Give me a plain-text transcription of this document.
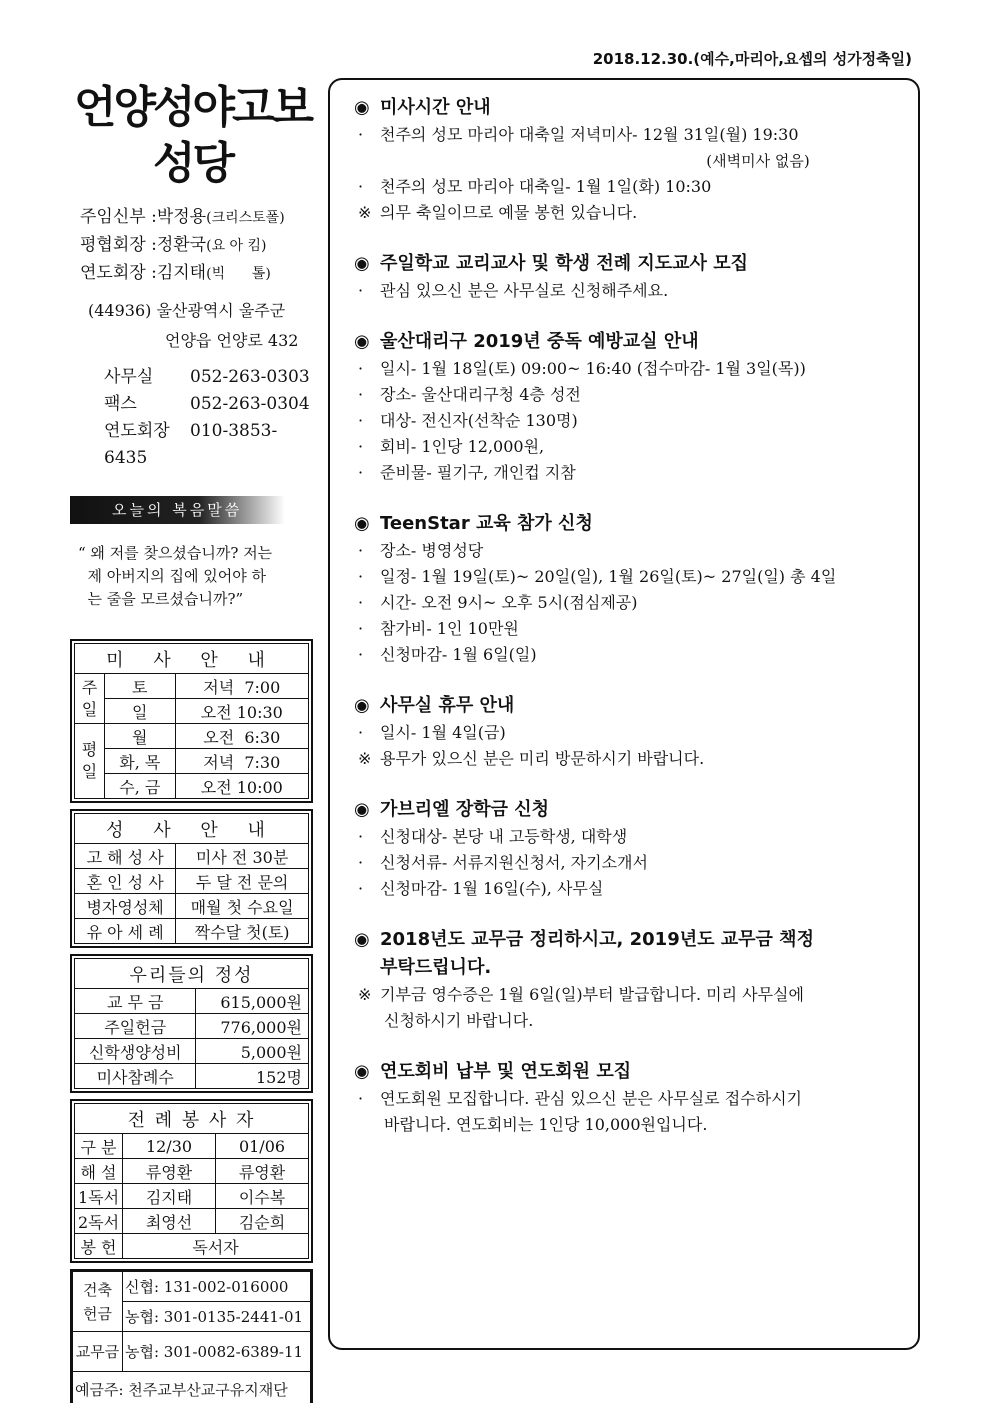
2018.12.30.(예수,마리아,요셉의 성가정축일)
언양성야고보
성당
주임신부 :박정용(크리스토폴)
평협회장 :정환국(요 아 킴)
연도회장 :김지태(빅      톨)
(44936) 울산광역시 울주군
언양읍 언양로 432
사무실 052-263-0303
팩스	052-263-0304
연도회장 010-3853-6435
오늘의 복음말씀
“ 왜 저를 찾으셨습니까? 저는
제 아버지의 집에 있어야 하
는 줄을 모르셨습니까?”
미 사 안 내		
주
일	토	저녁  7:00
	일	오전 10:30
평
일	월	오전  6:30
	화, 목	저녁  7:30
	수, 금	오전 10:00
성 사 안 내	
고 해 성 사	미사 전 30분
혼 인 성 사	두 달 전 문의
병자영성체	매월 첫 수요일
유 아 세 례	짝수달 첫(토)
우리들의 정성	
교 무 금	615,000원
주일헌금	776,000원
신학생양성비	5,000원
미사참례수	152명
전 례 봉 사 자		
구 분	12/30	01/06
해 설	류영환	류영환
1독서	김지태	이수복
2독서	최영선	김순희
봉 헌	독서자	
건축
헌금	신협: 131-002-016000
	농협: 301-0135-2441-01
교무금	농협: 301-0082-6389-11
예금주: 천주교부산교구유지재단	
◉ 미사시간 안내
· 천주의 성모 마리아 대축일 저녁미사- 12월 31일(월) 19:30
(새벽미사 없음)
· 천주의 성모 마리아 대축일- 1월 1일(화) 10:30
※ 의무 축일이므로 예물 봉헌 있습니다.
◉ 주일학교 교리교사 및 학생 전례 지도교사 모집
· 관심 있으신 분은 사무실로 신청해주세요.
◉ 울산대리구 2019년 중독 예방교실 안내
· 일시- 1월 18일(토) 09:00~ 16:40 (접수마감- 1월 3일(목))
· 장소- 울산대리구청 4층 성전
· 대상- 전신자(선착순 130명)
· 회비- 1인당 12,000원,
· 준비물- 필기구, 개인컵 지참
◉ TeenStar 교육 참가 신청
· 장소- 병영성당
· 일정- 1월 19일(토)~ 20일(일), 1월 26일(토)~ 27일(일) 총 4일
· 시간- 오전 9시~ 오후 5시(점심제공)
· 참가비- 1인 10만원
· 신청마감- 1월 6일(일)
◉ 사무실 휴무 안내
· 일시- 1월 4일(금)
※ 용무가 있으신 분은 미리 방문하시기 바랍니다.
◉ 가브리엘 장학금 신청
· 신청대상- 본당 내 고등학생, 대학생
· 신청서류- 서류지원신청서, 자기소개서
· 신청마감- 1월 16일(수), 사무실
◉ 2018년도 교무금 정리하시고, 2019년도 교무금 책정
부탁드립니다.
※ 기부금 영수증은 1월 6일(일)부터 발급합니다. 미리 사무실에
신청하시기 바랍니다.
◉ 연도회비 납부 및 연도회원 모집
· 연도회원 모집합니다. 관심 있으신 분은 사무실로 접수하시기
바랍니다. 연도회비는 1인당 10,000원입니다.
